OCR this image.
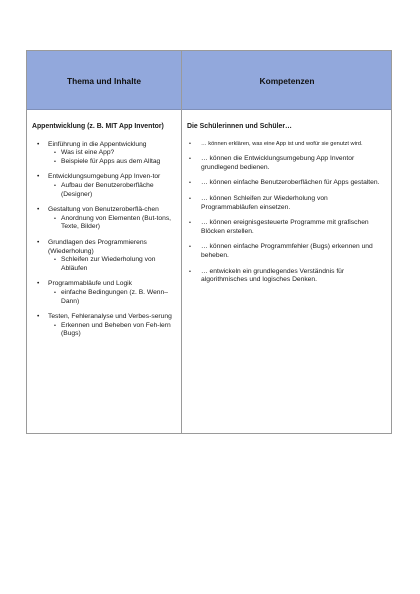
Thema und Inhalte	Kompetenzen
Appentwicklung (z. B. MIT App Inventor)
• Einführung in die Appentwicklung
• Was ist eine App?
• Beispiele für Apps aus dem Alltag
• Entwicklungsumgebung App Inven-tor
• Aufbau der Benutzeroberfläche (Designer)
• Gestaltung von Benutzeroberflä-chen
• Anordnung von Elementen (But-tons, Texte, Bilder)
• Grundlagen des Programmierens (Wiederholung)
• Schleifen zur Wiederholung von Abläufen
• Programmabläufe und Logik
• einfache Bedingungen (z. B. Wenn–Dann)
• Testen, Fehleranalyse und Verbes-serung
• Erkennen und Beheben von Feh-lern (Bugs)
Die Schülerinnen und Schüler…
• … können erklären, was eine App ist und wofür sie genutzt wird.
• … können die Entwicklungsumgebung App Inventor grundlegend bedienen.
• … können einfache Benutzeroberflächen für Apps gestalten.
• … können Schleifen zur Wiederholung von Programmabläufen einsetzen.
• … können ereignisgesteuerte Programme mit grafischen Blöcken erstellen.
• … können einfache Programmfehler (Bugs) erkennen und beheben.
• … entwickeln ein grundlegendes Verständnis für algorithmisches und logisches Denken.
